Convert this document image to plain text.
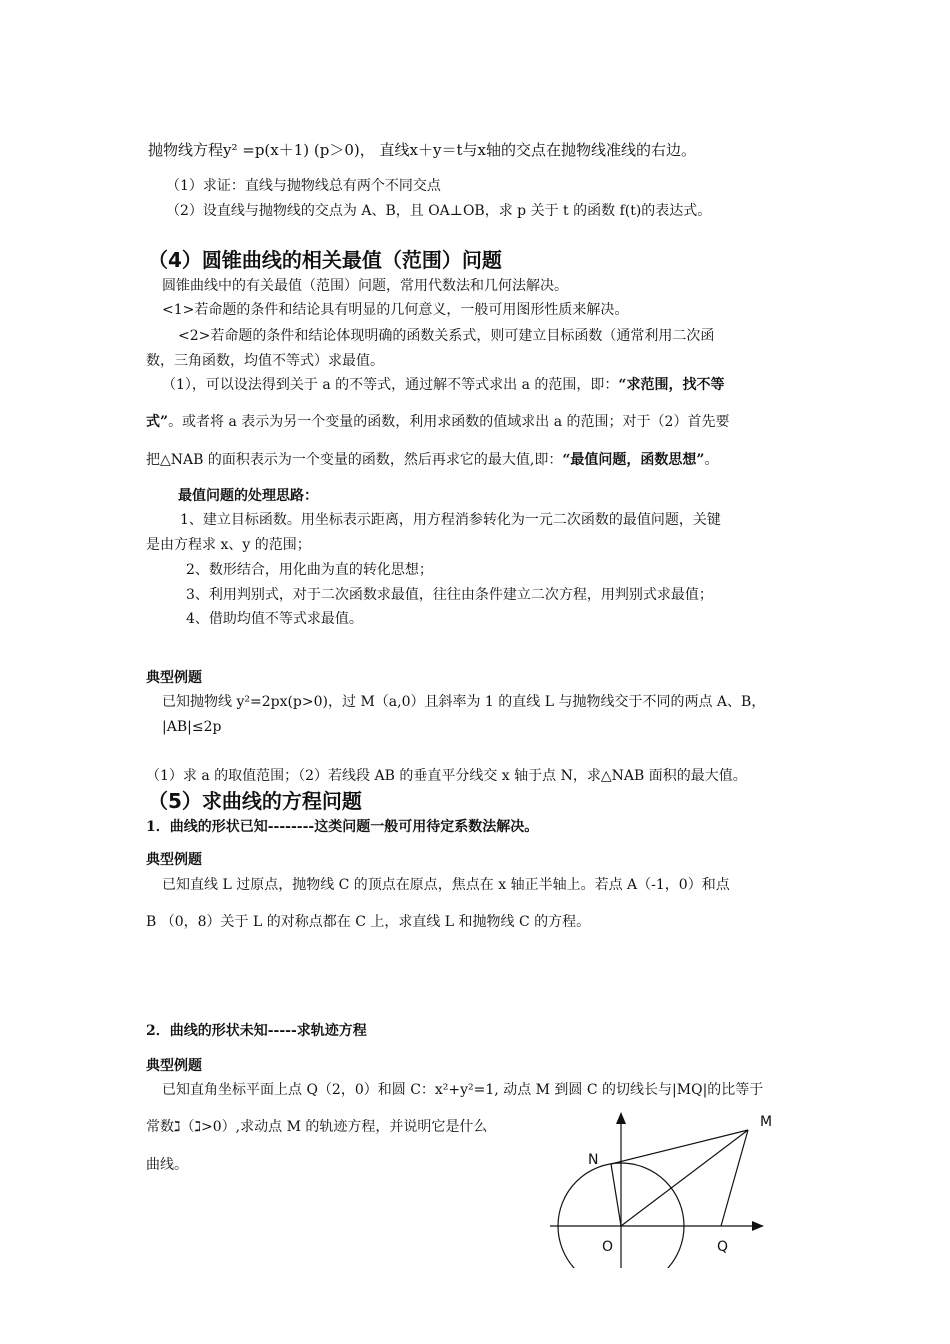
抛物线方程y² =p(x＋1) (p＞0)， 直线x＋y＝t与x轴的交点在抛物线准线的右边。
（1）求证：直线与抛物线总有两个不同交点
（2）设直线与抛物线的交点为 A、B，且 OA⊥OB，求 p 关于 t 的函数 f(t)的表达式。
（4）圆锥曲线的相关最值（范围）问题
圆锥曲线中的有关最值（范围）问题，常用代数法和几何法解决。
<1>若命题的条件和结论具有明显的几何意义，一般可用图形性质来解决。
<2>若命题的条件和结论体现明确的函数关系式，则可建立目标函数（通常利用二次函
数，三角函数，均值不等式）求最值。
（1），可以设法得到关于 a 的不等式，通过解不等式求出 a 的范围，即：“求范围，找不等
式”。或者将 a 表示为另一个变量的函数，利用求函数的值域求出 a 的范围；对于（2）首先要
把△NAB 的面积表示为一个变量的函数，然后再求它的最大值,即：“最值问题，函数思想”。
最值问题的处理思路：
1、建立目标函数。用坐标表示距离，用方程消参转化为一元二次函数的最值问题，关键
是由方程求 x、y 的范围；
2、数形结合，用化曲为直的转化思想；
3、利用判别式，对于二次函数求最值，往往由条件建立二次方程，用判别式求最值；
4、借助均值不等式求最值。
典型例题
已知抛物线 y²=2px(p>0)，过 M（a,0）且斜率为 1 的直线 L 与抛物线交于不同的两点 A、B，
|AB|≤2p
（1）求 a 的取值范围；（2）若线段 AB 的垂直平分线交 x 轴于点 N，求△NAB 面积的最大值。
（5）求曲线的方程问题
1．曲线的形状已知--------这类问题一般可用待定系数法解决。
典型例题
已知直线 L 过原点，抛物线 C 的顶点在原点，焦点在 x 轴正半轴上。若点 A（-1，0）和点
B （0，8）关于 L 的对称点都在 C 上，求直线 L 和抛物线 C 的方程。
2．曲线的形状未知-----求轨迹方程
典型例题
已知直角坐标平面上点 Q（2，0）和圆 C：x²+y²=1, 动点 M 到圆 C 的切线长与|MQ|的比等于
常数ℷ（ℷ>0）,求动点 M 的轨迹方程，并说明它是什么
曲线。
M
N
O	Q
